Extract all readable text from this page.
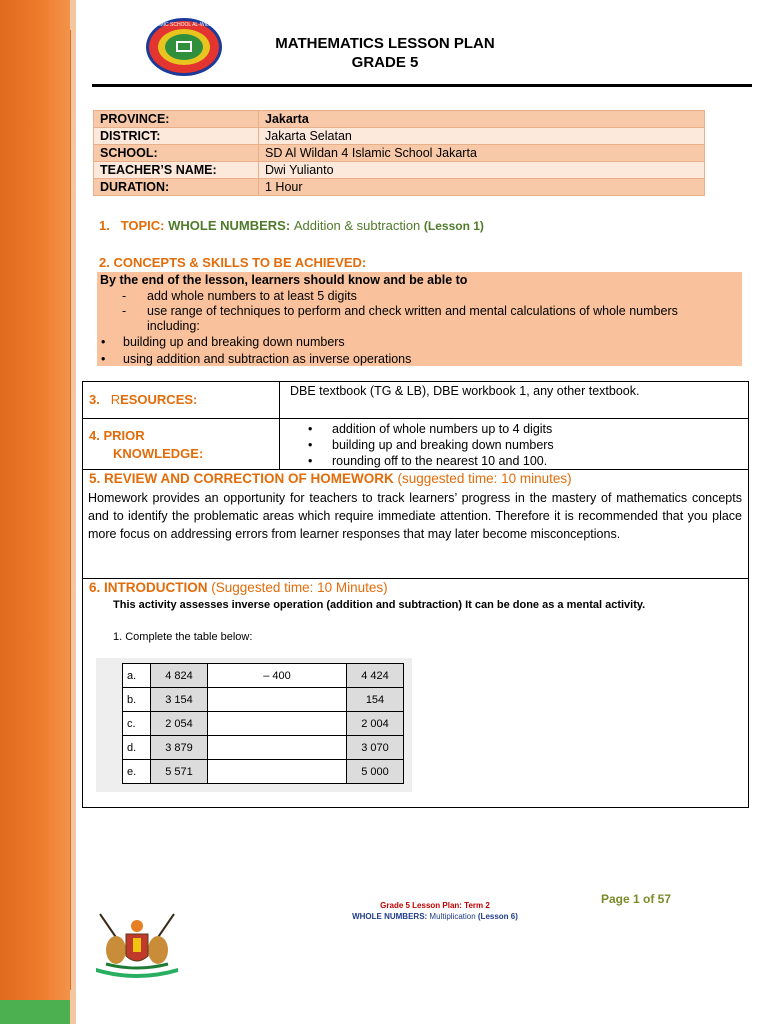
ISLAMIC SCHOOL AL-WILDAN
MATHEMATICS LESSON PLAN
GRADE 5
PROVINCE:	Jakarta
DISTRICT:	Jakarta Selatan
SCHOOL:	SD Al Wildan 4 Islamic School Jakarta
TEACHER’S NAME:	Dwi Yulianto
DURATION:	1 Hour
1. TOPIC: WHOLE NUMBERS: Addition & subtraction (Lesson 1)
2. CONCEPTS & SKILLS TO BE ACHIEVED:
By the end of the lesson, learners should know and be able to
- add whole numbers to at least 5 digits
- use range of techniques to perform and check written and mental calculations of whole numbers including:
• building up and breaking down numbers
• using addition and subtraction as inverse operations
3. RESOURCES:
DBE textbook (TG & LB), DBE workbook 1, any other textbook.
4. PRIOR
KNOWLEDGE:
• addition of whole numbers up to 4 digits
• building up and breaking down numbers
• rounding off to the nearest 10 and 100.
5. REVIEW AND CORRECTION OF HOMEWORK (suggested time: 10 minutes)
Homework provides an opportunity for teachers to track learners’ progress in the mastery of mathematics concepts and to identify the problematic areas which require immediate attention. Therefore it is recommended that you place more focus on addressing errors from learner responses that may later become misconceptions.
6. INTRODUCTION (Suggested time: 10 Minutes)
This activity assesses inverse operation (addition and subtraction) It can be done as a mental activity.
1. Complete the table below:
a.	4 824	– 400	4 424
b.	3 154		154
c.	2 054		2 004
d.	3 879		3 070
e.	5 571		5 000
Page 1 of 57
Grade 5 Lesson Plan: Term 2
WHOLE NUMBERS: Multiplication (Lesson 6)
